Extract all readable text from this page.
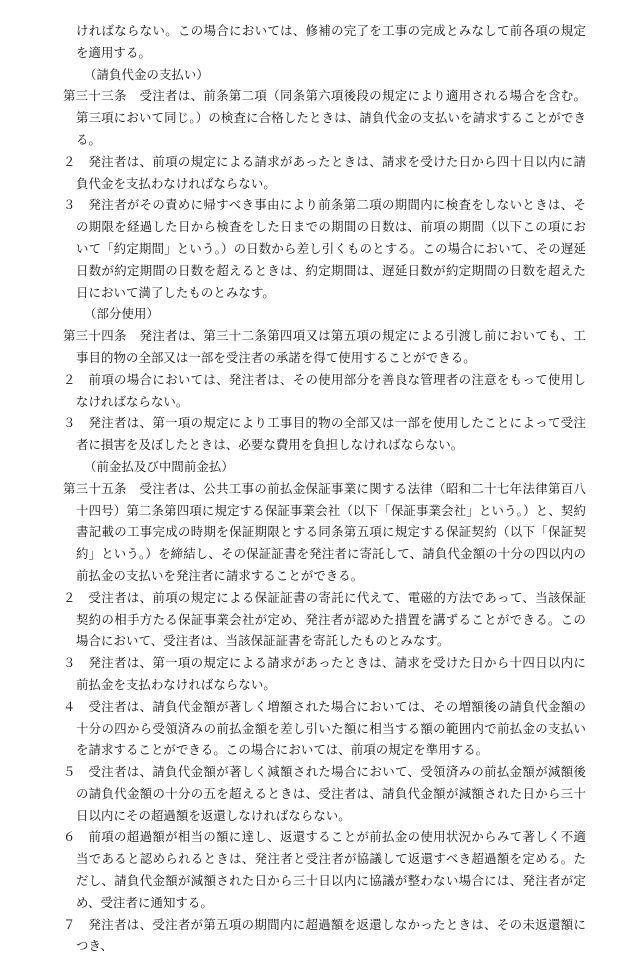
ければならない。この場合においては、修補の完了を工事の完成とみなして前各項の規定を適用する。

（請負代金の支払い）

第三十三条　受注者は、前条第二項（同条第六項後段の規定により適用される場合を含む。第三項において同じ。）の検査に合格したときは、請負代金の支払いを請求することができる。

２　発注者は、前項の規定による請求があったときは、請求を受けた日から四十日以内に請負代金を支払わなければならない。

３　発注者がその責めに帰すべき事由により前条第二項の期間内に検査をしないときは、その期限を経過した日から検査をした日までの期間の日数は、前項の期間（以下この項において「約定期間」という。）の日数から差し引くものとする。この場合において、その遅延日数が約定期間の日数を超えるときは、約定期間は、遅延日数が約定期間の日数を超えた日において満了したものとみなす。

（部分使用）

第三十四条　発注者は、第三十二条第四項又は第五項の規定による引渡し前においても、工事目的物の全部又は一部を受注者の承諾を得て使用することができる。

２　前項の場合においては、発注者は、その使用部分を善良な管理者の注意をもって使用しなければならない。

３　発注者は、第一項の規定により工事目的物の全部又は一部を使用したことによって受注者に損害を及ぼしたときは、必要な費用を負担しなければならない。

（前金払及び中間前金払）

第三十五条　受注者は、公共工事の前払金保証事業に関する法律（昭和二十七年法律第百八十四号）第二条第四項に規定する保証事業会社（以下「保証事業会社」という。）と、契約書記載の工事完成の時期を保証期限とする同条第五項に規定する保証契約（以下「保証契約」という。）を締結し、その保証証書を発注者に寄託して、請負代金額の十分の四以内の前払金の支払いを発注者に請求することができる。

２　受注者は、前項の規定による保証証書の寄託に代えて、電磁的方法であって、当該保証契約の相手方たる保証事業会社が定め、発注者が認めた措置を講ずることができる。この場合において、受注者は、当該保証証書を寄託したものとみなす。

３　発注者は、第一項の規定による請求があったときは、請求を受けた日から十四日以内に前払金を支払わなければならない。

４　受注者は、請負代金額が著しく増額された場合においては、その増額後の請負代金額の十分の四から受領済みの前払金額を差し引いた額に相当する額の範囲内で前払金の支払いを請求することができる。この場合においては、前項の規定を準用する。

５　受注者は、請負代金額が著しく減額された場合において、受領済みの前払金額が減額後の請負代金額の十分の五を超えるときは、受注者は、請負代金額が減額された日から三十日以内にその超過額を返還しなければならない。

６　前項の超過額が相当の額に達し、返還することが前払金の使用状況からみて著しく不適当であると認められるときは、発注者と受注者が協議して返還すべき超過額を定める。ただし、請負代金額が減額された日から三十日以内に協議が整わない場合には、発注者が定め、受注者に通知する。

７　発注者は、受注者が第五項の期間内に超過額を返還しなかったときは、その未返還額につき、
